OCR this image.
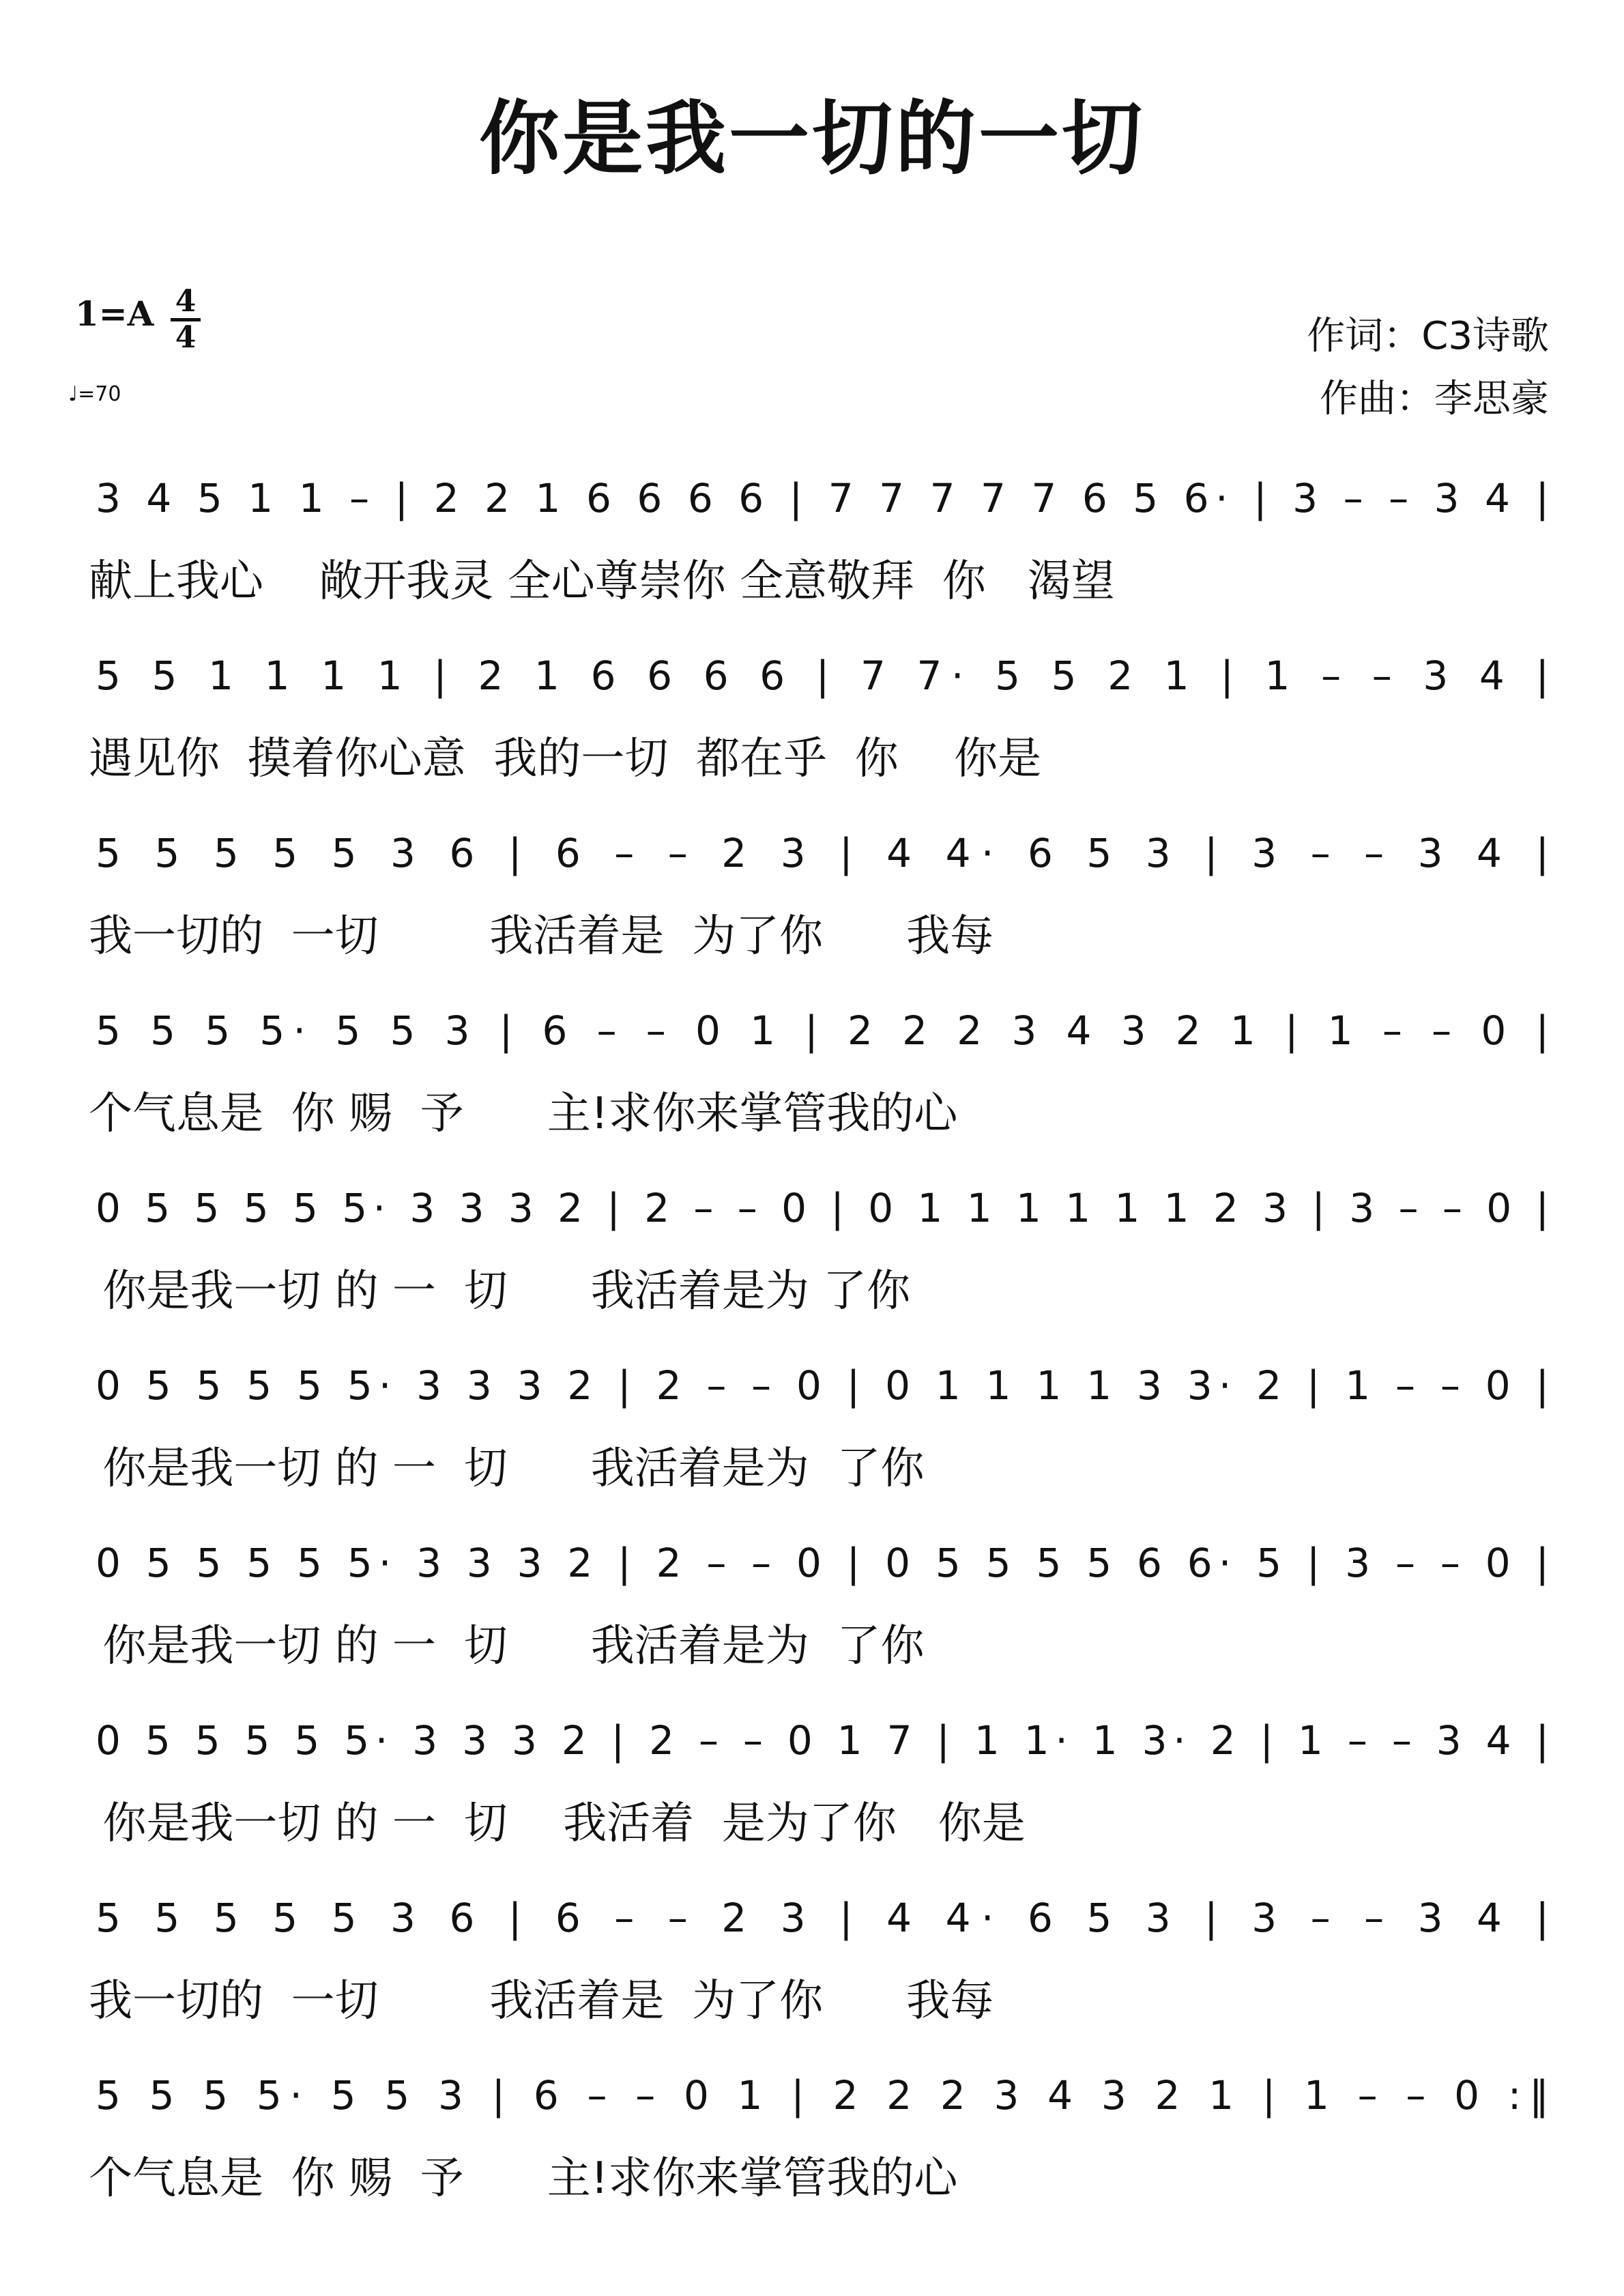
你是我一切的一切
1=A 4
4
♩=70
作词：C3诗歌
作曲：李思豪
3 4 5 1 1 – | 2 2 1 6 6 6 6 | 7 7 7 7 7 6 5 6· | 3 – – 3 4 |
5 5 1 1 1 1 | 2 1 6 6 6 6 | 7 7· 5 5 2 1 | 1 – – 3 4 |
5 5 5 5 5 3 6 | 6 – – 2 3 | 4 4· 6 5 3 | 3 – – 3 4 |
5 5 5 5· 5 5 3 | 6 – – 0 1 | 2 2 2 3 4 3 2 1 | 1 – – 0 |
0 5 5 5 5 5· 3 3 3 2 | 2 – – 0 | 0 1 1 1 1 1 1 2 3 | 3 – – 0 |
0 5 5 5 5 5· 3 3 3 2 | 2 – – 0 | 0 1 1 1 1 3 3· 2 | 1 – – 0 |
0 5 5 5 5 5· 3 3 3 2 | 2 – – 0 | 0 5 5 5 5 6 6· 5 | 3 – – 0 |
0 5 5 5 5 5· 3 3 3 2 | 2 – – 0 1 7 | 1 1· 1 3· 2 | 1 – – 3 4 |
5 5 5 5 5 3 6 | 6 – – 2 3 | 4 4· 6 5 3 | 3 – – 3 4 |
5 5 5 5· 5 5 3 | 6 – – 0 1 | 2 2 2 3 4 3 2 1 | 1 – – 0 :‖
献上我心    敞开我灵 全心尊崇你 全意敬拜  你   渴望
遇见你  摸着你心意  我的一切  都在乎  你    你是
我一切的  一切        我活着是  为了你      我每
个气息是  你 赐  予      主!求你来掌管我的心
你是我一切 的 一  切      我活着是为 了你
你是我一切 的 一  切      我活着是为  了你
你是我一切 的 一  切      我活着是为  了你
你是我一切 的 一  切    我活着  是为了你   你是
我一切的  一切        我活着是  为了你      我每
个气息是  你 赐  予      主!求你来掌管我的心
